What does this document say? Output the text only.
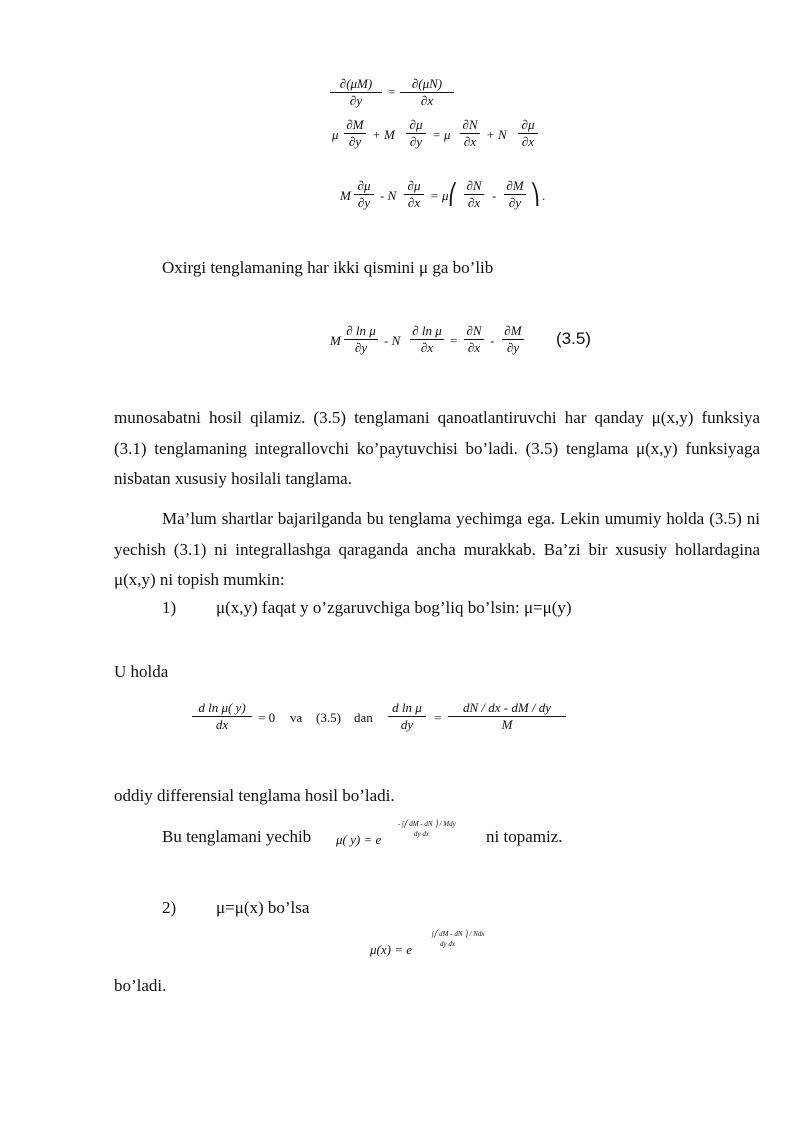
∂(μM)
∂y
=
∂(μN)
∂x
μ
∂M
∂y + M
∂μ
∂y = μ
∂N
∂x + N
∂μ
∂x
M
∂μ
∂y - N
∂μ
∂x = μ ⎛ ∂N
∂x -
∂M
∂y ⎞ .
Oxirgi tenglamaning har ikki qismini μ ga bo’lib
M
∂ ln μ
∂y	- N
∂ ln μ
∂x	=
∂N
∂x -
∂M
∂y (3.5)
munosabatni hosil qilamiz. (3.5) tenglamani qanoatlantiruvchi har qanday μ(x,y) funksiya (3.1) tenglamaning integrallovchi ko’paytuvchisi bo’ladi. (3.5) tenglama μ(x,y) funksiyaga nisbatan xususiy hosilali tanglama.
Ma’lum shartlar bajarilganda bu tenglama yechimga ega. Lekin umumiy holda (3.5) ni yechish (3.1) ni integrallashga qaraganda ancha murakkab. Ba’zi bir xususiy hollardagina μ(x,y) ni topish mumkin:
1) μ(x,y) faqat y o’zgaruvchiga bog’liq bo’lsin: μ=μ(y)
U holda
d ln μ( y)
dx	= 0 va (3.5) dan
d ln μ
dy	=
dN / dx - dM / dy
M
oddiy differensial tenglama hosil bo’ladi.
Bu tenglamani yechib μ( y) = e
- ∫⎛ dM - dN ⎞ / Mdy
dy dx	ni topamiz.
2) μ=μ(x) bo’lsa
μ(x) = e
∫⎛ dM - dN ⎞ / Ndx
dy dx
bo’ladi.
